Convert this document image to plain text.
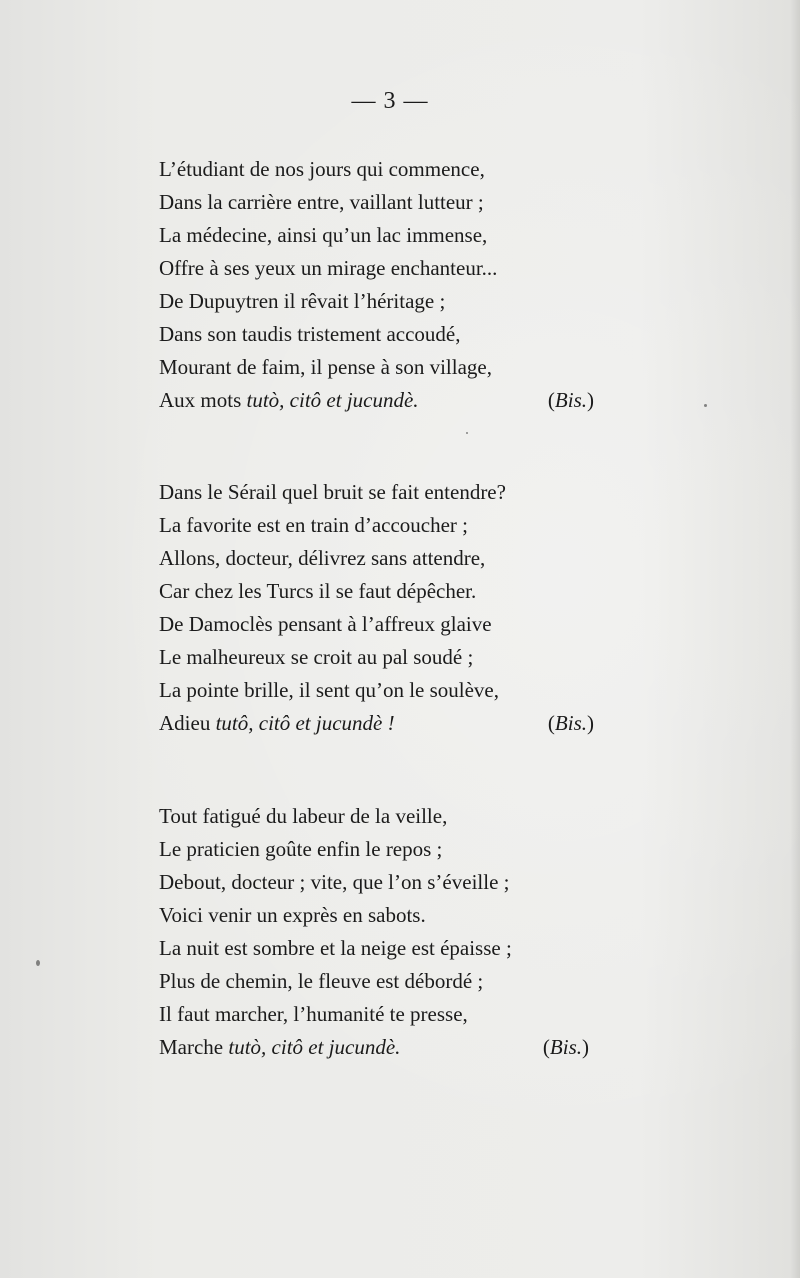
— 3 —
L’étudiant de nos jours qui commence,
Dans la carrière entre, vaillant lutteur ;
La médecine, ainsi qu’un lac immense,
Offre à ses yeux un mirage enchanteur...
De Dupuytren il rêvait l’héritage ;
Dans son taudis tristement accoudé,
Mourant de faim, il pense à son village,
Aux mots tutò, citô et jucundè.	(Bis.)
Dans le Sérail quel bruit se fait entendre?
La favorite est en train d’accoucher ;
Allons, docteur, délivrez sans attendre,
Car chez les Turcs il se faut dépêcher.
De Damoclès pensant à l’affreux glaive
Le malheureux se croit au pal soudé ;
La pointe brille, il sent qu’on le soulève,
Adieu tutô, citô et jucundè !	(Bis.)
Tout fatigué du labeur de la veille,
Le praticien goûte enfin le repos ;
Debout, docteur ; vite, que l’on s’éveille ;
Voici venir un exprès en sabots.
La nuit est sombre et la neige est épaisse ;
Plus de chemin, le fleuve est débordé ;
Il faut marcher, l’humanité te presse,
Marche tutò, citô et jucundè.	(Bis.)
